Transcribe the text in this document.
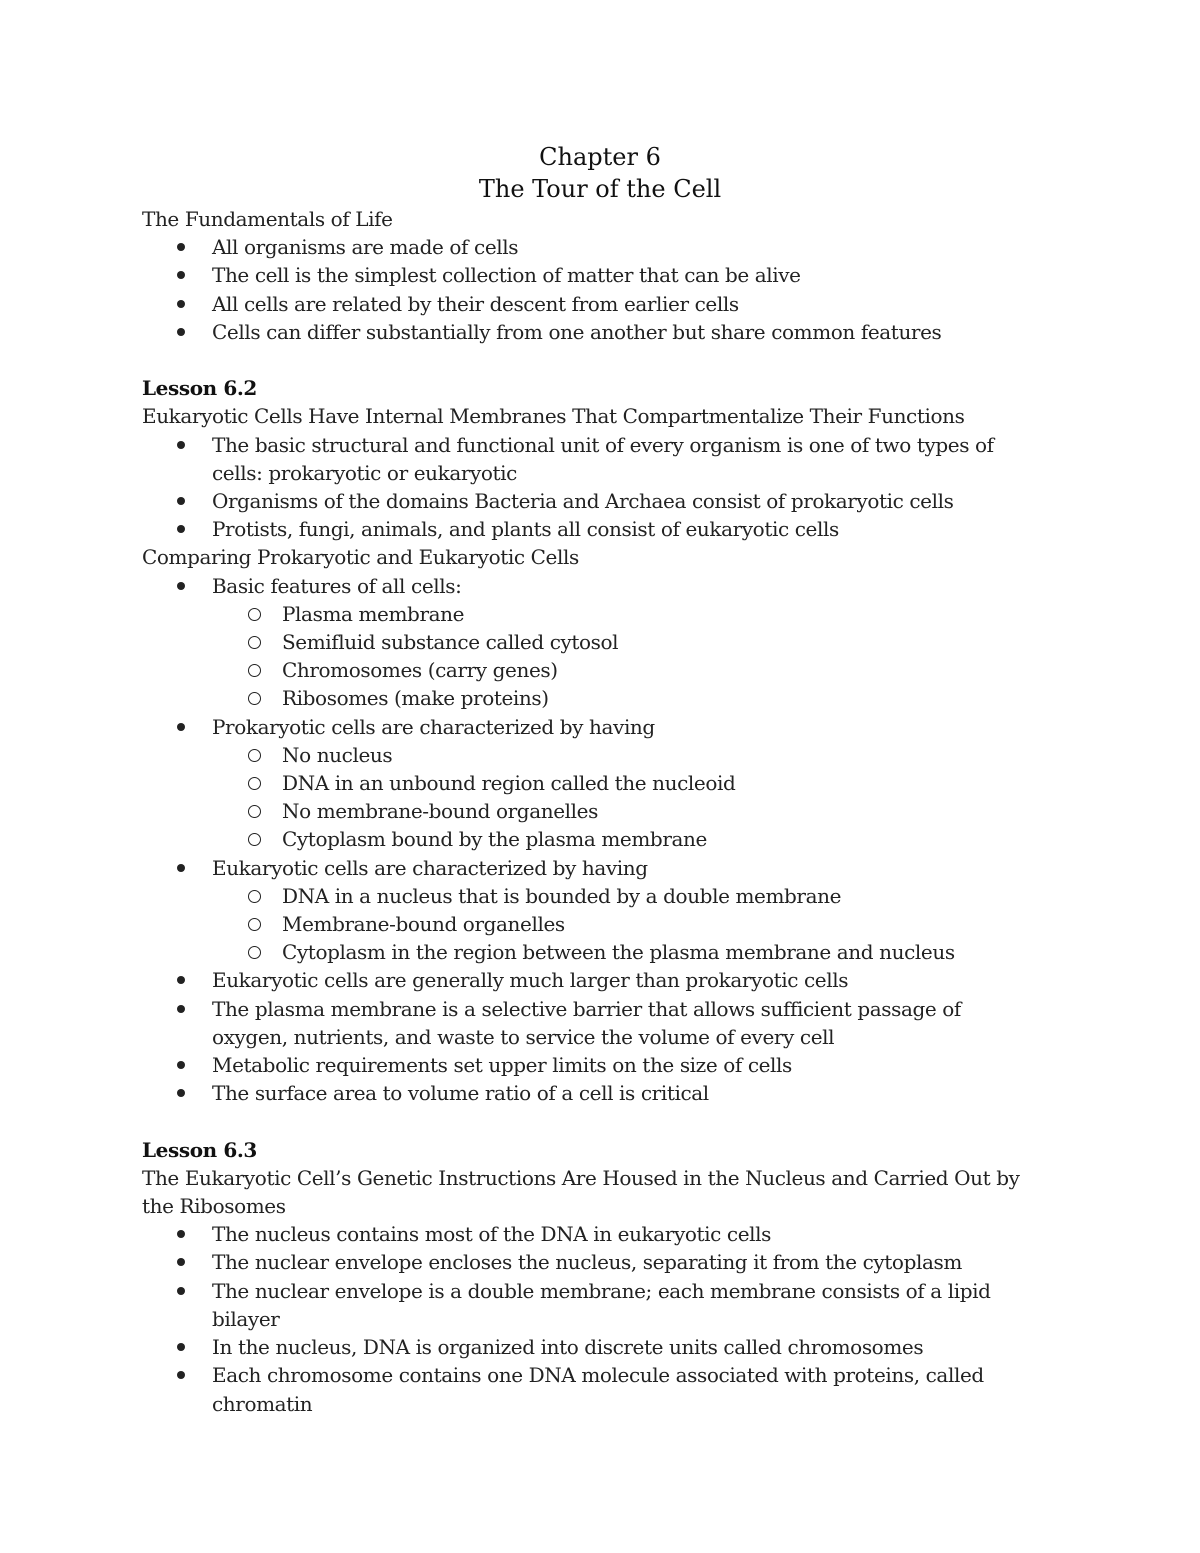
Chapter 6
The Tour of the Cell

The Fundamentals of Life

All organisms are made of cells
The cell is the simplest collection of matter that can be alive
All cells are related by their descent from earlier cells
Cells can differ substantially from one another but share common features

Lesson 6.2

Eukaryotic Cells Have Internal Membranes That Compartmentalize Their Functions

The basic structural and functional unit of every organism is one of two types of cells: prokaryotic or eukaryotic
Organisms of the domains Bacteria and Archaea consist of prokaryotic cells
Protists, fungi, animals, and plants all consist of eukaryotic cells

Comparing Prokaryotic and Eukaryotic Cells

Basic features of all cells:
Plasma membrane
Semifluid substance called cytosol
Chromosomes (carry genes)
Ribosomes (make proteins)
Prokaryotic cells are characterized by having
No nucleus
DNA in an unbound region called the nucleoid
No membrane-bound organelles
Cytoplasm bound by the plasma membrane
Eukaryotic cells are characterized by having
DNA in a nucleus that is bounded by a double membrane
Membrane-bound organelles
Cytoplasm in the region between the plasma membrane and nucleus
Eukaryotic cells are generally much larger than prokaryotic cells
The plasma membrane is a selective barrier that allows sufficient passage of oxygen, nutrients, and waste to service the volume of every cell
Metabolic requirements set upper limits on the size of cells
The surface area to volume ratio of a cell is critical

Lesson 6.3

The Eukaryotic Cell’s Genetic Instructions Are Housed in the Nucleus and Carried Out by the Ribosomes

The nucleus contains most of the DNA in eukaryotic cells
The nuclear envelope encloses the nucleus, separating it from the cytoplasm
The nuclear envelope is a double membrane; each membrane consists of a lipid bilayer
In the nucleus, DNA is organized into discrete units called chromosomes
Each chromosome contains one DNA molecule associated with proteins, called chromatin
